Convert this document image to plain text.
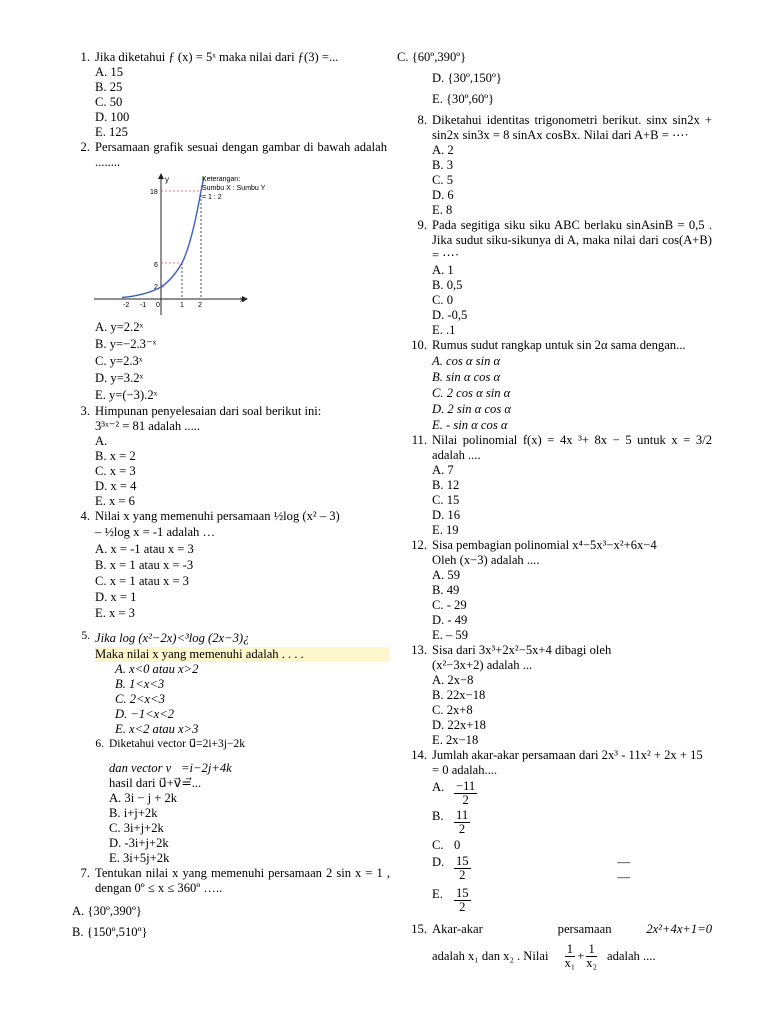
1. Jika diketahui ƒ (x) = 5ˣ maka nilai dari ƒ(3) =...
A. 15
B. 25
C. 50
D. 100
E. 125
2. Persamaan grafik sesuai dengan gambar di bawah adalah ........
x
y
18
6
2
-2 -1 0	1 2
Keterangan:
Sumbu X : Sumbu Y
= 1 : 2
A. y=2.2ˣ
B. y=−2.3⁻ˣ
C. y=2.3ˣ
D. y=3.2ˣ
E. y=(−3).2ˣ
3. Himpunan penyelesaian dari soal berikut ini:
3³ˣ⁻² = 81 adalah .....
A.
B. x = 2
C. x = 3
D. x = 4
E. x = 6
4. Nilai x yang memenuhi persamaan ½log (x² – 3)
– ½log x = -1 adalah …
A. x = -1 atau x = 3
B. x = 1 atau x = -3
C. x = 1 atau x = 3
D. x = 1
E. x = 3
5. Jika log (x²−2x)<³log (2x−3)¿
Maka nilai x yang memenuhi adalah . . . .
A. x<0 atau x>2
B. 1<x<3
C. 2<x<3
D. −1<x<2
E. x<2 atau x>3
6. Diketahui vector u⃗=2i+3j−2k
dan vector v⃗=i−2j+4k
hasil dari u⃗+v⃗=⃗...
A. 3i − j + 2k
B. i+j+2k
C. 3i+j+2k
D. -3i+j+2k
E. 3i+5j+2k
7. Tentukan nilai x yang memenuhi persamaan 2 sin x = 1 , dengan 0º ≤ x ≤ 360º …..
A. {30º,390º}
B. {150º,510º}
C. {60º,390º}
D. {30º,150º}
E. {30º,60º}
8. Diketahui identitas trigonometri berikut. sinx sin2x + sin2x sin3x = 8 sinAx cosBx. Nilai dari A+B = ⋯·
A. 2
B. 3
C. 5
D. 6
E. 8
9. Pada segitiga siku siku ABC berlaku sinAsinB = 0,5 . Jika sudut siku-sikunya di A, maka nilai dari cos(A+B) = ⋯·
A. 1
B. 0,5
C. 0
D. -0,5
E. .1
10. Rumus sudut rangkap untuk sin 2α sama dengan...
A. cos α sin α
B. sin α cos α
C. 2 cos α sin α
D. 2 sin α cos α
E. - sin α cos α
11. Nilai polinomial f(x) = 4x ³+ 8x − 5 untuk x = 3/2 adalah ....
A. 7
B. 12
C. 15
D. 16
E. 19
12. Sisa pembagian polinomial x⁴−5x³−x²+6x−4
Oleh (x−3) adalah ....
A. 59
B. 49
C. - 29
D. - 49
E. – 59
13. Sisa dari 3x³+2x²−5x+4 dibagi oleh
(x²−3x+2) adalah ...
A. 2x−8
B. 22x−18
C. 2x+8
D. 22x+18
E. 2x−18
14. Jumlah akar-akar persamaan dari 2x³ - 11x² + 2x + 15 = 0 adalah....
A. $\frac{-11}{2}$
B. $\frac{11}{2}$
C. 0
D. $\frac{15}{2}$	—
—
E. $\frac{15}{2}$
15. Akar-akar	persamaan	2x²+4x+1=0
adalah x₁ dan x₂ . Nilai $\frac{1}{\text{x₁}} + \frac{1}{\text{x₂}}$ adalah ....
